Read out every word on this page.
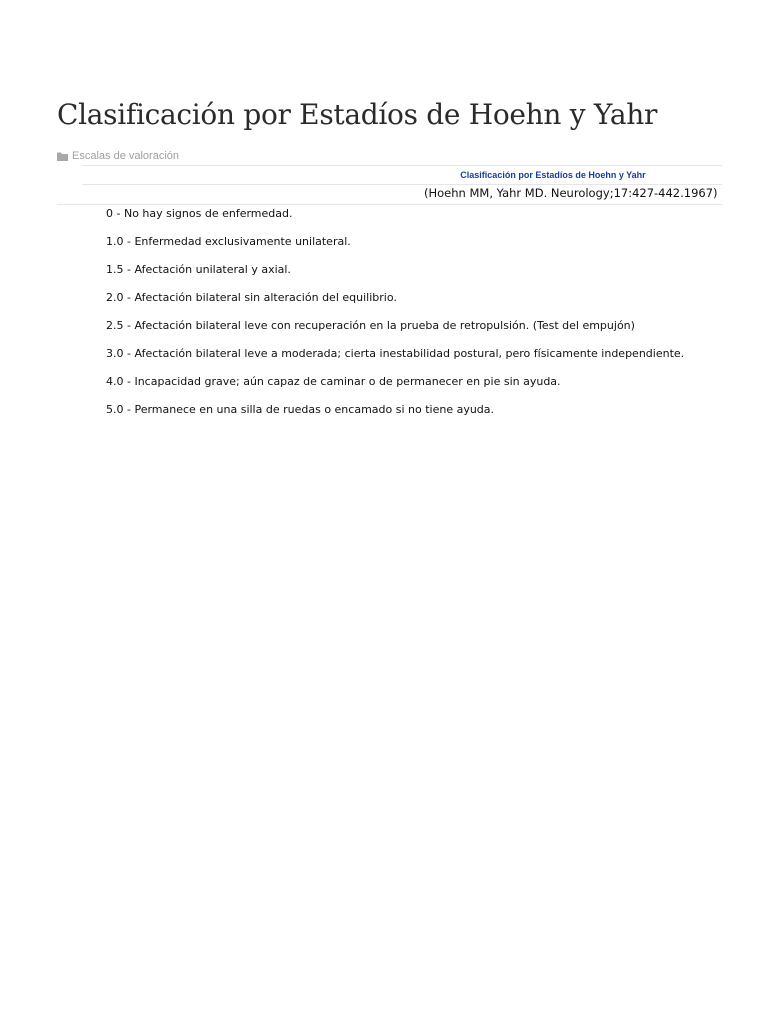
Clasificación por Estadíos de Hoehn y Yahr
Escalas de valoración
Clasificación por Estadíos de Hoehn y Yahr
(Hoehn MM, Yahr MD. Neurology;17:427-442.1967)
0 - No hay signos de enfermedad.
1.0 - Enfermedad exclusivamente unilateral.
1.5 - Afectación unilateral y axial.
2.0 - Afectación bilateral sin alteración del equilibrio.
2.5 - Afectación bilateral leve con recuperación en la prueba de retropulsión. (Test del empujón)
3.0 - Afectación bilateral leve a moderada; cierta inestabilidad postural, pero físicamente independiente.
4.0 - Incapacidad grave; aún capaz de caminar o de permanecer en pie sin ayuda.
5.0 - Permanece en una silla de ruedas o encamado si no tiene ayuda.
